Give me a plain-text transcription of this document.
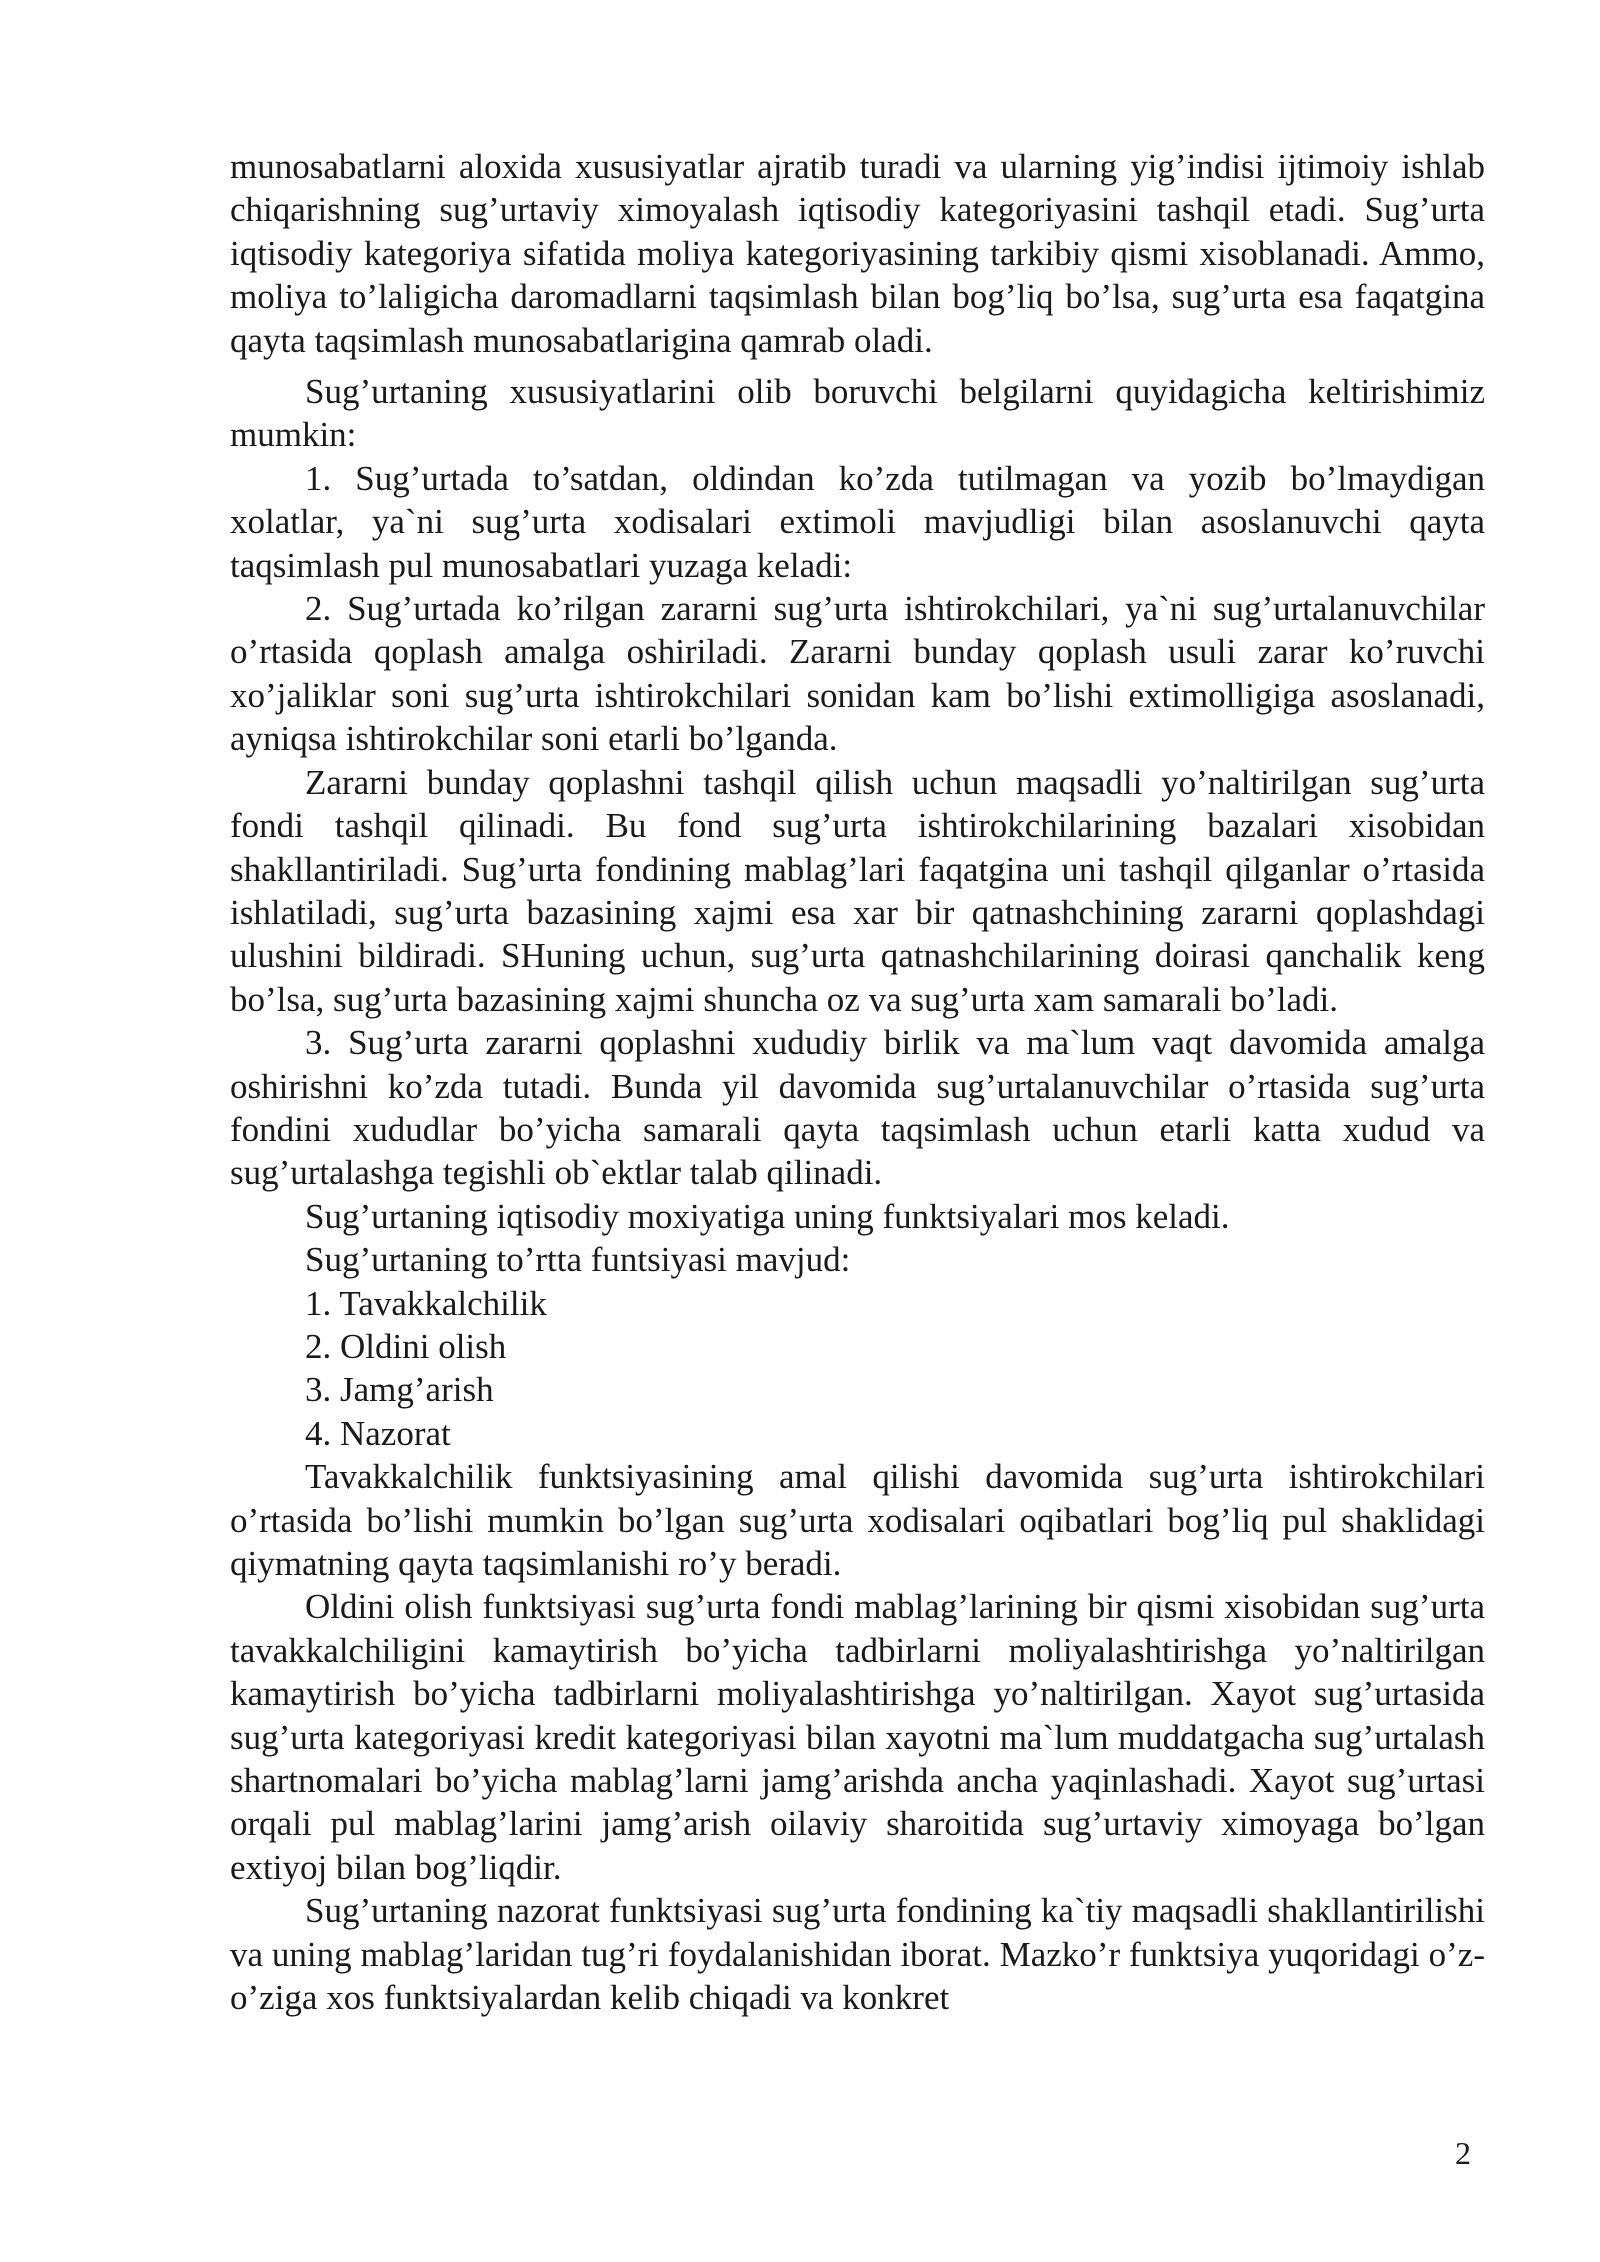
munosabatlarni aloxida xususiyatlar ajratib turadi va ularning yig’indisi ijtimoiy ishlab chiqarishning sug’urtaviy ximoyalash iqtisodiy kategoriyasini tashqil etadi. Sug’urta iqtisodiy kategoriya sifatida moliya kategoriyasining tarkibiy qismi xisoblanadi. Ammo, moliya to’laligicha daromadlarni taqsimlash bilan bog’liq bo’lsa, sug’urta esa faqatgina qayta taqsimlash munosabatlarigina qamrab oladi.

Sug’urtaning xususiyatlarini olib boruvchi belgilarni quyidagicha keltirishimiz mumkin:

1. Sug’urtada to’satdan, oldindan ko’zda tutilmagan va yozib bo’lmaydigan xolatlar, ya`ni sug’urta xodisalari extimoli mavjudligi bilan asoslanuvchi qayta taqsimlash pul munosabatlari yuzaga keladi:

2. Sug’urtada ko’rilgan zararni sug’urta ishtirokchilari, ya`ni sug’urtalanuvchilar o’rtasida qoplash amalga oshiriladi. Zararni bunday qoplash usuli zarar ko’ruvchi xo’jaliklar soni sug’urta ishtirokchilari sonidan kam bo’lishi extimolligiga asoslanadi, ayniqsa ishtirokchilar soni etarli bo’lganda.

Zararni bunday qoplashni tashqil qilish uchun maqsadli yo’naltirilgan sug’urta fondi tashqil qilinadi. Bu fond sug’urta ishtirokchilarining bazalari xisobidan shakllantiriladi. Sug’urta fondining mablag’lari faqatgina uni tashqil qilganlar o’rtasida ishlatiladi, sug’urta bazasining xajmi esa xar bir qatnashchining zararni qoplashdagi ulushini bildiradi. SHuning uchun, sug’urta qatnashchilarining doirasi qanchalik keng bo’lsa, sug’urta bazasining xajmi shuncha oz va sug’urta xam samarali bo’ladi.

3. Sug’urta zararni qoplashni xududiy birlik va ma`lum vaqt davomida amalga oshirishni ko’zda tutadi. Bunda yil davomida sug’urtalanuvchilar o’rtasida sug’urta fondini xududlar bo’yicha samarali qayta taqsimlash uchun etarli katta xudud va sug’urtalashga tegishli ob`ektlar talab qilinadi.

Sug’urtaning iqtisodiy moxiyatiga uning funktsiyalari mos keladi.

Sug’urtaning to’rtta funtsiyasi mavjud:

1. Tavakkalchilik

2. Oldini olish

3. Jamg’arish

4. Nazorat

Tavakkalchilik funktsiyasining amal qilishi davomida sug’urta ishtirokchilari o’rtasida bo’lishi mumkin bo’lgan sug’urta xodisalari oqibatlari bog’liq pul shaklidagi qiymatning qayta taqsimlanishi ro’y beradi.

Oldini olish funktsiyasi sug’urta fondi mablag’larining bir qismi xisobidan sug’urta tavakkalchiligini kamaytirish bo’yicha tadbirlarni moliyalashtirishga yo’naltirilgan kamaytirish bo’yicha tadbirlarni moliyalashtirishga yo’naltirilgan. Xayot sug’urtasida sug’urta kategoriyasi kredit kategoriyasi bilan xayotni ma`lum muddatgacha sug’urtalash shartnomalari bo’yicha mablag’larni jamg’arishda ancha yaqinlashadi. Xayot sug’urtasi orqali pul mablag’larini jamg’arish oilaviy sharoitida sug’urtaviy ximoyaga bo’lgan extiyoj bilan bog’liqdir.

Sug’urtaning nazorat funktsiyasi sug’urta fondining ka`tiy maqsadli shakllantirilishi va uning mablag’laridan tug’ri foydalanishidan iborat. Mazko’r funktsiya yuqoridagi o’z-o’ziga xos funktsiyalardan kelib chiqadi va konkret

2
